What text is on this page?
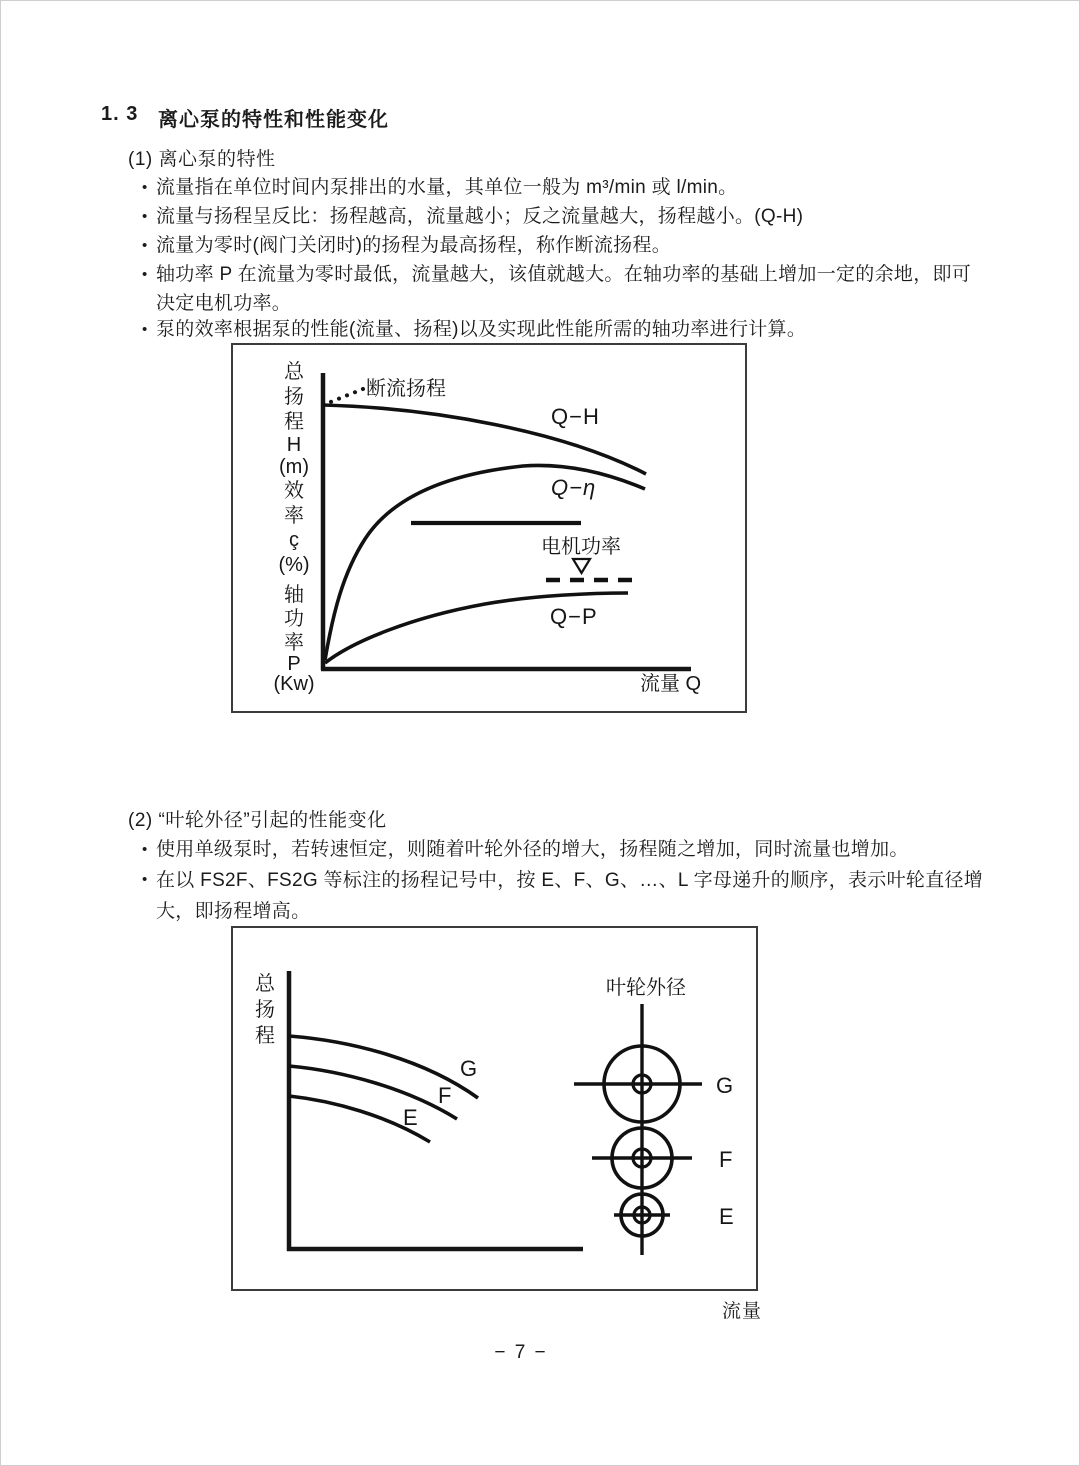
1. 3 离心泵的特性和性能变化
(1) 离心泵的特性
• 流量指在单位时间内泵排出的水量，其单位一般为 m³/min 或 l/min。
• 流量与扬程呈反比：扬程越高，流量越小；反之流量越大，扬程越小。(Q-H)
• 流量为零时(阀门关闭时)的扬程为最高扬程，称作断流扬程。
• 轴功率 P 在流量为零时最低，流量越大，该值就越大。在轴功率的基础上增加一定的余地，即可
决定电机功率。
• 泵的效率根据泵的性能(流量、扬程)以及实现此性能所需的轴功率进行计算。
总
扬
程
H
(m)
效
率
ç
(%)
轴
功
率
P
(Kw)
断流扬程
Q−H
Q−η
电机功率
Q−P
流量 Q
(2) “叶轮外径”引起的性能变化
• 使用单级泵时，若转速恒定，则随着叶轮外径的增大，扬程随之增加，同时流量也增加。
• 在以 FS2F、FS2G 等标注的扬程记号中，按 E、F、G、…、L 字母递升的顺序，表示叶轮直径增
大，即扬程增高。
总
扬
程
G
F
E
叶轮外径
G
F
E
流量
− 7 −
